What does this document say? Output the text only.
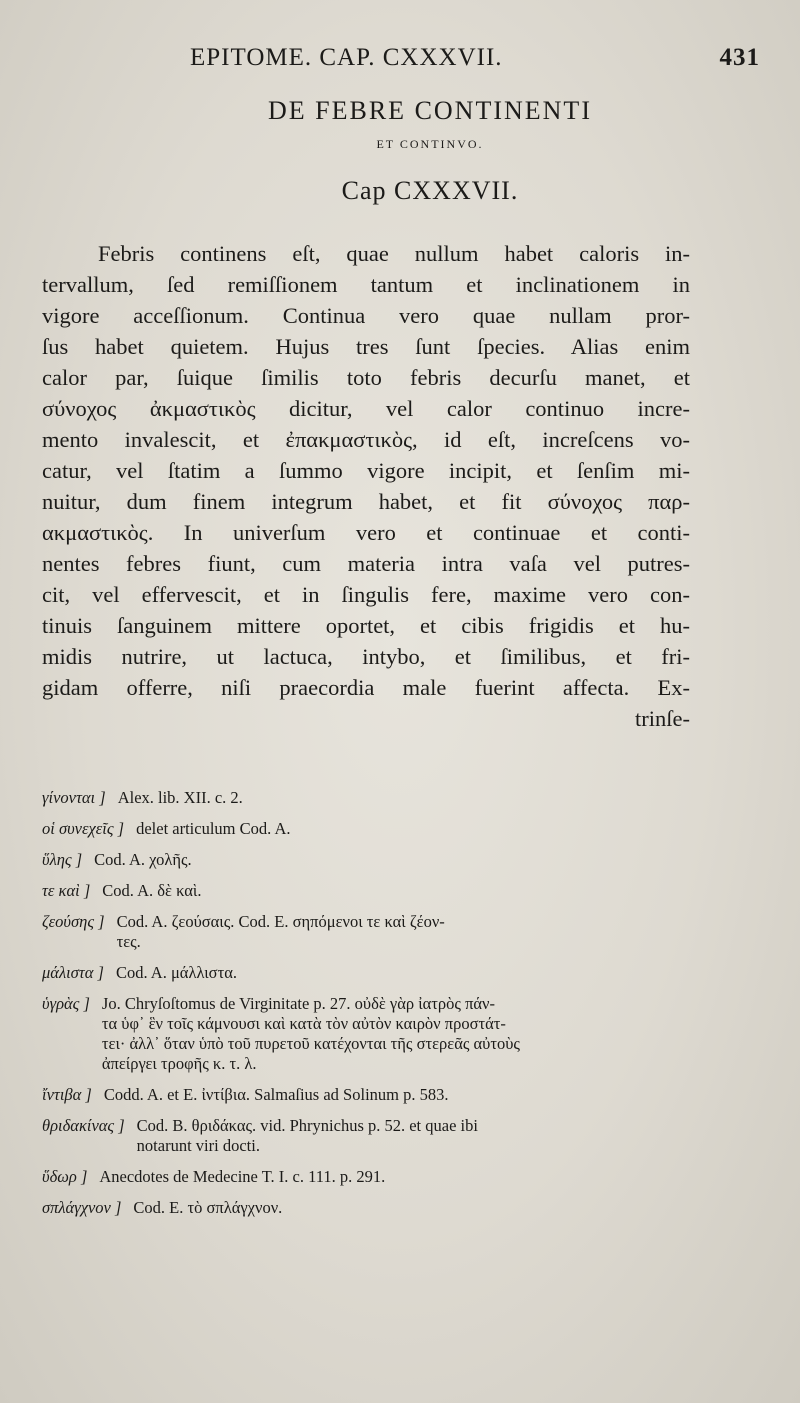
EPITOME. CAP. CXXXVII.	431
DE FEBRE CONTINENTI
ET CONTINVO.
Cap CXXXVII.
Febris continens eſt, quae nullum habet caloris in-
tervallum, ſed remiſſionem tantum et inclinationem in
vigore acceſſionum. Continua vero quae nullam pror-
ſus habet quietem. Hujus tres ſunt ſpecies. Alias enim
calor par, ſuique ſimilis toto febris decurſu manet, et
σύνοχος ἀκμαστικὸς dicitur, vel calor continuo incre-
mento invalescit, et ἐπακμαστικὸς, id eſt, increſcens vo-
catur, vel ſtatim a ſummo vigore incipit, et ſenſim mi-
nuitur, dum finem integrum habet, et fit σύνοχος παρ-
ακμαστικὸς. In univerſum vero et continuae et conti-
nentes febres fiunt, cum materia intra vaſa vel putres-
cit, vel effervescit, et in ſingulis fere, maxime vero con-
tinuis ſanguinem mittere oportet, et cibis frigidis et hu-
midis nutrire, ut lactuca, intybo, et ſimilibus, et fri-
gidam offerre, niſi praecordia male fuerint affecta. Ex-
trinſe-
γίνονται ] Alex. lib. XII. c. 2.
οἱ συνεχεῖς ] delet articulum Cod. A.
ὕλης ] Cod. A. χολῆς.
τε καὶ ] Cod. A. δὲ καὶ.
ζεούσης ] Cod. A. ζεούσαις. Cod. E. σηπόμενοι τε καὶ ζέον-
τες.
μάλιστα ] Cod. A. μάλλιστα.
ὑγρὰς ] Jo. Chryſoſtomus de Virginitate p. 27. οὐδὲ γὰρ ἰατρὸς πάν-
τα ὑφ᾽ ἓν τοῖς κάμνουσι καὶ κατὰ τὸν αὐτὸν καιρὸν προστάτ-
τει· ἀλλ᾽ ὅταν ὑπὸ τοῦ πυρετοῦ κατέχονται τῆς στερεᾶς αὐτοὺς
ἀπείργει τροφῆς κ. τ. λ.
ἴντιβα ] Codd. A. et E. ἰντίβια. Salmaſius ad Solinum p. 583.
θριδακίνας ] Cod. B. θριδάκας. vid. Phrynichus p. 52. et quae ibi
notarunt viri docti.
ὕδωρ ] Anecdotes de Medecine T. I. c. 111. p. 291.
σπλάγχνον ] Cod. E. τὸ σπλάγχνον.
